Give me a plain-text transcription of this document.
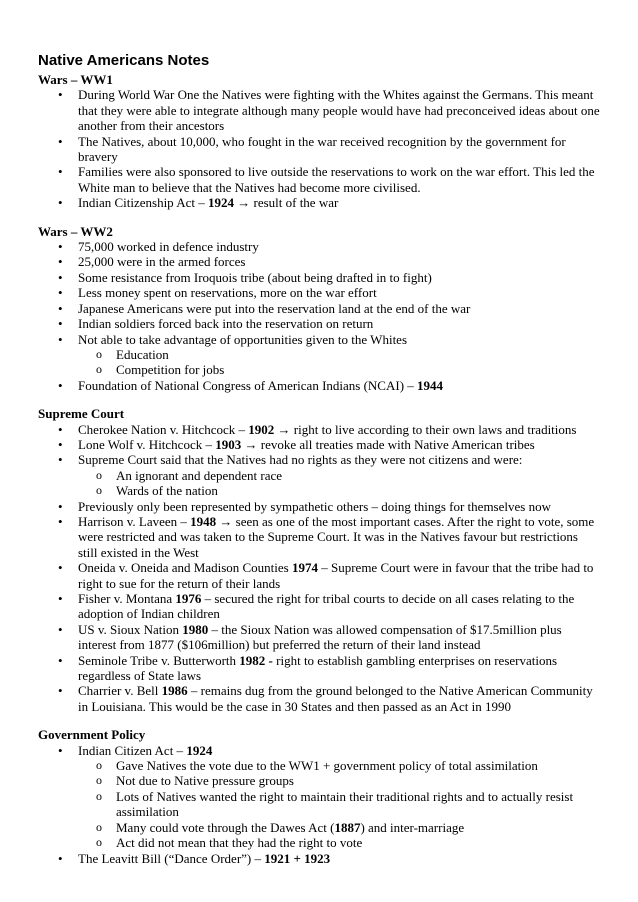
Native Americans Notes
Wars – WW1
• During World War One the Natives were fighting with the Whites against the Germans. This meant that they were able to integrate although many people would have had preconceived ideas about one another from their ancestors
• The Natives, about 10,000, who fought in the war received recognition by the government for bravery
• Families were also sponsored to live outside the reservations to work on the war effort. This led the White man to believe that the Natives had become more civilised.
• Indian Citizenship Act – 1924 → result of the war
Wars – WW2
• 75,000 worked in defence industry
• 25,000 were in the armed forces
• Some resistance from Iroquois tribe (about being drafted in to fight)
• Less money spent on reservations, more on the war effort
• Japanese Americans were put into the reservation land at the end of the war
• Indian soldiers forced back into the reservation on return
• Not able to take advantage of opportunities given to the Whites
o Education
o Competition for jobs
• Foundation of National Congress of American Indians (NCAI) – 1944
Supreme Court
• Cherokee Nation v. Hitchcock – 1902 → right to live according to their own laws and traditions
• Lone Wolf v. Hitchcock – 1903 → revoke all treaties made with Native American tribes
• Supreme Court said that the Natives had no rights as they were not citizens and were:
o An ignorant and dependent race
o Wards of the nation
• Previously only been represented by sympathetic others – doing things for themselves now
• Harrison v. Laveen – 1948 → seen as one of the most important cases. After the right to vote, some were restricted and was taken to the Supreme Court. It was in the Natives favour but restrictions still existed in the West
• Oneida v. Oneida and Madison Counties 1974 – Supreme Court were in favour that the tribe had to right to sue for the return of their lands
• Fisher v. Montana 1976 – secured the right for tribal courts to decide on all cases relating to the adoption of Indian children
• US v. Sioux Nation 1980 – the Sioux Nation was allowed compensation of $17.5million plus interest from 1877 ($106million) but preferred the return of their land instead
• Seminole Tribe v. Butterworth 1982 - right to establish gambling enterprises on reservations regardless of State laws
• Charrier v. Bell 1986 – remains dug from the ground belonged to the Native American Community in Louisiana. This would be the case in 30 States and then passed as an Act in 1990
Government Policy
• Indian Citizen Act – 1924
o Gave Natives the vote due to the WW1 + government policy of total assimilation
o Not due to Native pressure groups
o Lots of Natives wanted the right to maintain their traditional rights and to actually resist assimilation
o Many could vote through the Dawes Act (1887) and inter-marriage
o Act did not mean that they had the right to vote
• The Leavitt Bill (“Dance Order”) – 1921 + 1923
